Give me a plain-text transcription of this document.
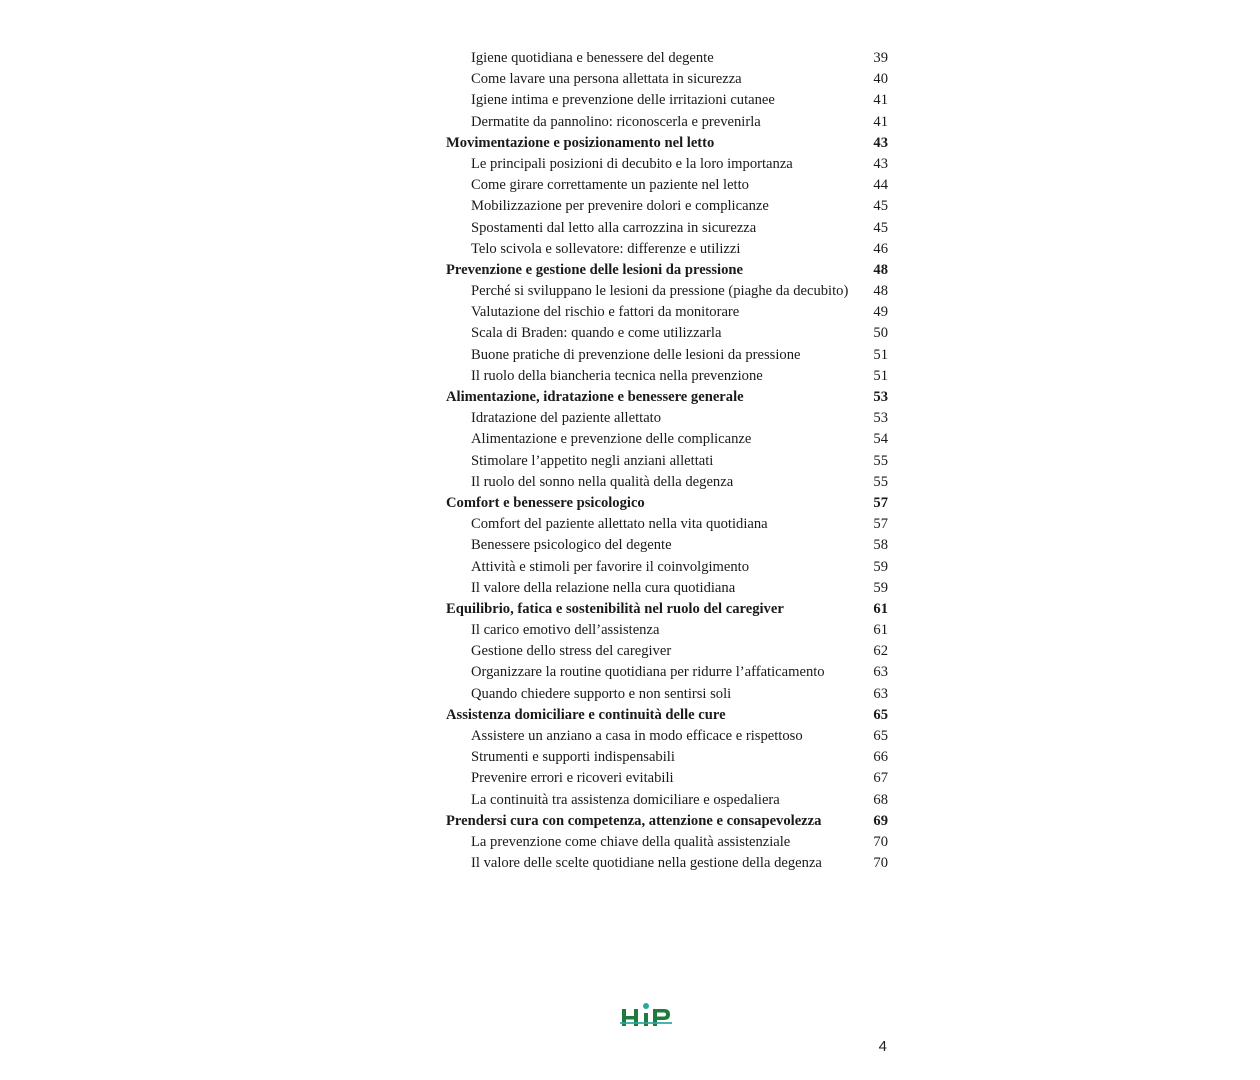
Igiene quotidiana e benessere del degente	39
Come lavare una persona allettata in sicurezza	40
Igiene intima e prevenzione delle irritazioni cutanee	41
Dermatite da pannolino: riconoscerla e prevenirla	41
Movimentazione e posizionamento nel letto	43
Le principali posizioni di decubito e la loro importanza	43
Come girare correttamente un paziente nel letto	44
Mobilizzazione per prevenire dolori e complicanze	45
Spostamenti dal letto alla carrozzina in sicurezza	45
Telo scivola e sollevatore: differenze e utilizzi	46
Prevenzione e gestione delle lesioni da pressione	48
Perché si sviluppano le lesioni da pressione (piaghe da decubito)	48
Valutazione del rischio e fattori da monitorare	49
Scala di Braden: quando e come utilizzarla	50
Buone pratiche di prevenzione delle lesioni da pressione	51
Il ruolo della biancheria tecnica nella prevenzione	51
Alimentazione, idratazione e benessere generale	53
Idratazione del paziente allettato	53
Alimentazione e prevenzione delle complicanze	54
Stimolare l’appetito negli anziani allettati	55
Il ruolo del sonno nella qualità della degenza	55
Comfort e benessere psicologico	57
Comfort del paziente allettato nella vita quotidiana	57
Benessere psicologico del degente	58
Attività e stimoli per favorire il coinvolgimento	59
Il valore della relazione nella cura quotidiana	59
Equilibrio, fatica e sostenibilità nel ruolo del caregiver	61
Il carico emotivo dell’assistenza	61
Gestione dello stress del caregiver	62
Organizzare la routine quotidiana per ridurre l’affaticamento	63
Quando chiedere supporto e non sentirsi soli	63
Assistenza domiciliare e continuità delle cure	65
Assistere un anziano a casa in modo efficace e rispettoso	65
Strumenti e supporti indispensabili	66
Prevenire errori e ricoveri evitabili	67
La continuità tra assistenza domiciliare e ospedaliera	68
Prendersi cura con competenza, attenzione e consapevolezza	69
La prevenzione come chiave della qualità assistenziale	70
Il valore delle scelte quotidiane nella gestione della degenza	70
4
